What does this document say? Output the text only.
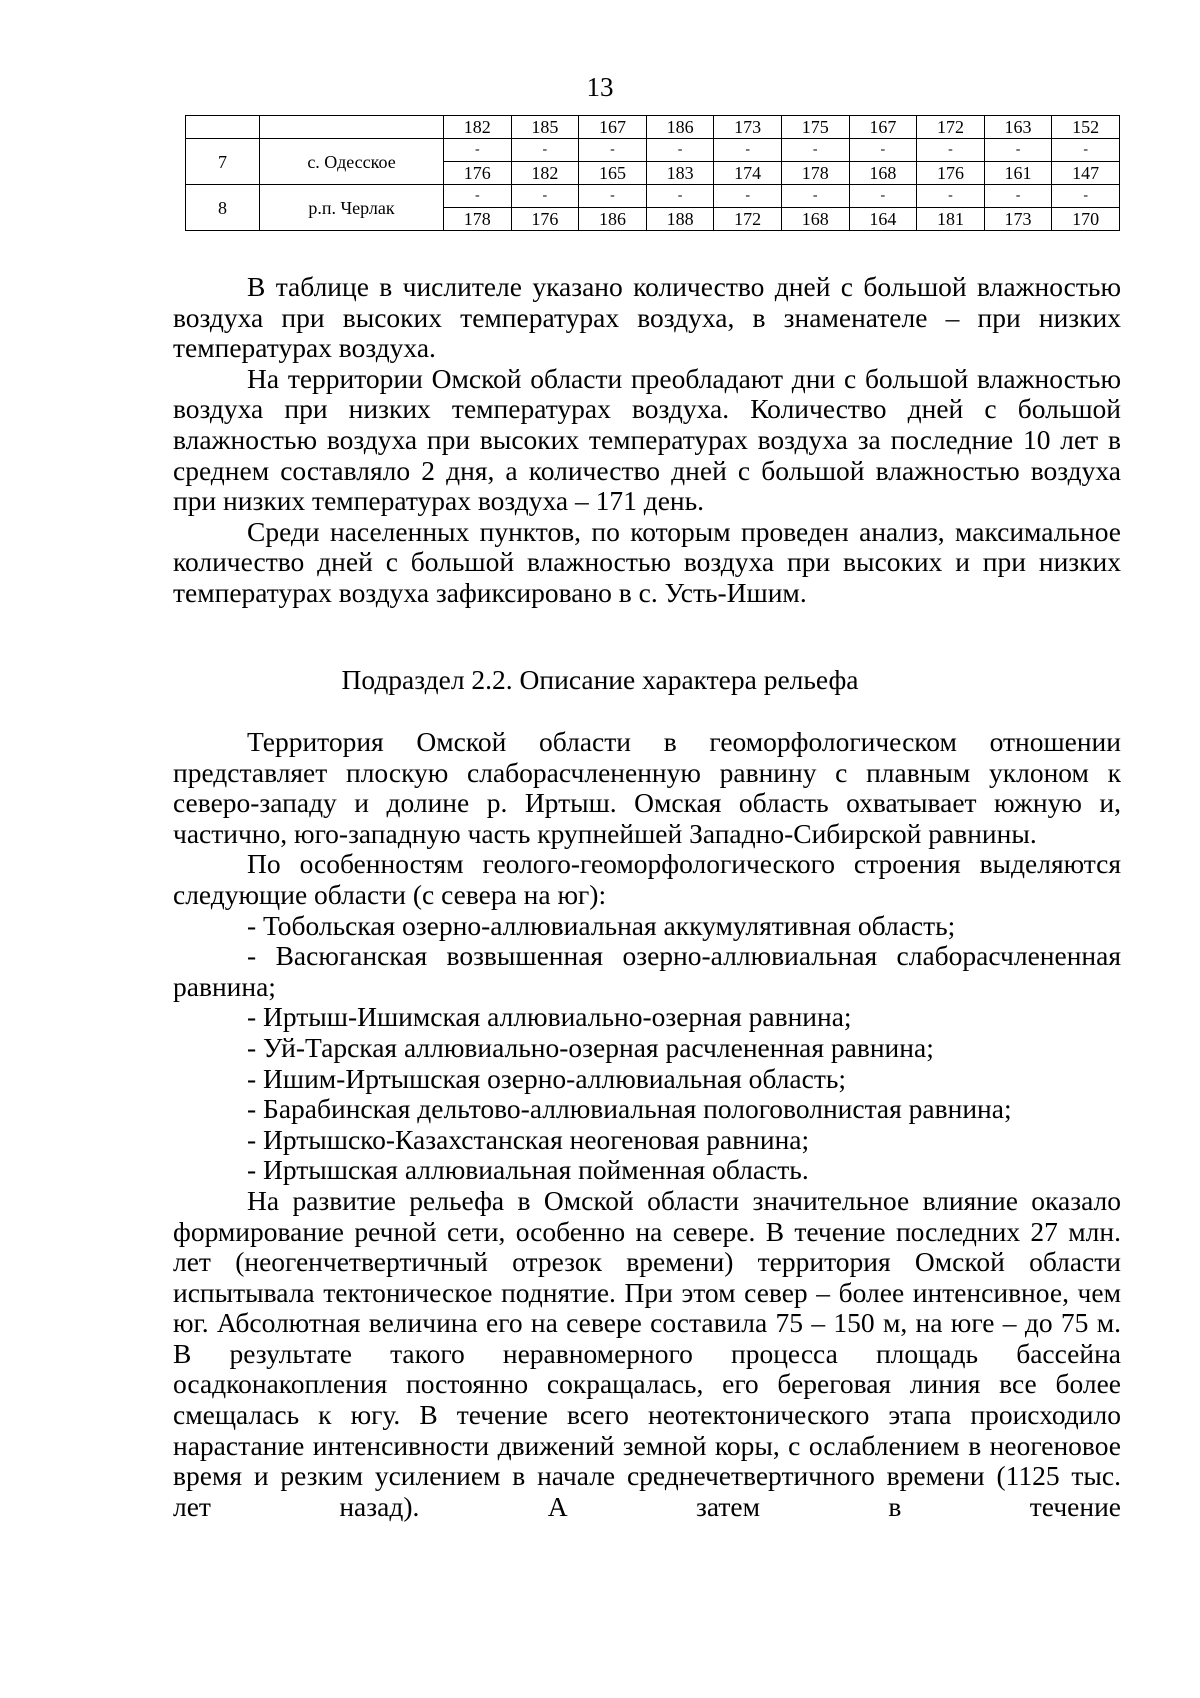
13
		182	185	167	186	173	175	167	172	163	152
7	с. Одесское	-	-	-	-	-	-	-	-	-	-
		176	182	165	183	174	178	168	176	161	147
8	р.п. Черлак	-	-	-	-	-	-	-	-	-	-
		178	176	186	188	172	168	164	181	173	170

В таблице в числителе указано количество дней с большой влажностью воздуха при высоких температурах воздуха, в знаменателе – при низких температурах воздуха.

На территории Омской области преобладают дни с большой влажностью воздуха при низких температурах воздуха. Количество дней с большой влажностью воздуха при высоких температурах воздуха за последние 10 лет в среднем составляло 2 дня, а количество дней с большой влажностью воздуха при низких температурах воздуха – 171 день.

Среди населенных пунктов, по которым проведен анализ, максимальное количество дней с большой влажностью воздуха при высоких и при низких температурах воздуха зафиксировано в с. Усть-Ишим.

Подраздел 2.2. Описание характера рельефа

Территория Омской области в геоморфологическом отношении представляет плоскую слаборасчлененную равнину с плавным уклоном к северо-западу и долине р. Иртыш. Омская область охватывает южную и, частично, юго-западную часть крупнейшей Западно-Сибирской равнины.

По особенностям геолого-геоморфологического строения выделяются следующие области (с севера на юг):

- Тобольская озерно-аллювиальная аккумулятивная область;

- Васюганская возвышенная озерно-аллювиальная слаборасчлененная равнина;

- Иртыш-Ишимская аллювиально-озерная равнина;

- Уй-Тарская аллювиально-озерная расчлененная равнина;

- Ишим-Иртышская озерно-аллювиальная область;

- Барабинская дельтово-аллювиальная пологоволнистая равнина;

- Иртышско-Казахстанская неогеновая равнина;

- Иртышская аллювиальная пойменная область.

На развитие рельефа в Омской области значительное влияние оказало формирование речной сети, особенно на севере. В течение последних 27 млн. лет (неогенчетвертичный отрезок времени) территория Омской области испытывала тектоническое поднятие. При этом север – более интенсивное, чем юг. Абсолютная величина его на севере составила 75 – 150 м, на юге – до 75 м. В результате такого неравномерного процесса площадь бассейна осадконакопления постоянно сокращалась, его береговая линия все более смещалась к югу. В течение всего неотектонического этапа происходило нарастание интенсивности движений земной коры, с ослаблением в неогеновое время и резким усилением в начале среднечетвертичного времени (1125 тыс. лет назад). А затем в течение
